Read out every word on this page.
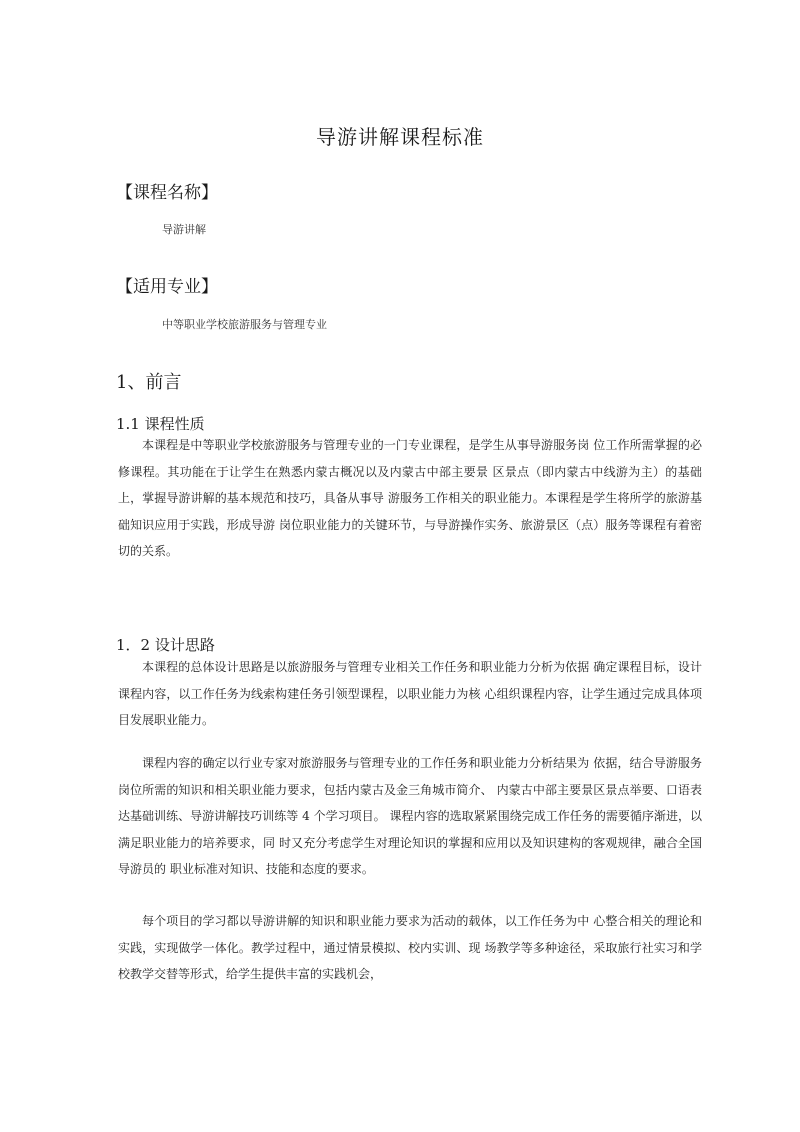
导游讲解课程标准
【课程名称】
导游讲解
【适用专业】
中等职业学校旅游服务与管理专业
1、前言
1.1 课程性质

本课程是中等职业学校旅游服务与管理专业的一门专业课程，是学生从事导游服务岗 位工作所需掌握的必修课程。其功能在于让学生在熟悉内蒙古概况以及内蒙古中部主要景 区景点（即内蒙古中线游为主）的基础上，掌握导游讲解的基本规范和技巧，具备从事导 游服务工作相关的职业能力。本课程是学生将所学的旅游基础知识应用于实践，形成导游 岗位职业能力的关键环节，与导游操作实务、旅游景区（点）服务等课程有着密切的关系。

1．2 设计思路

本课程的总体设计思路是以旅游服务与管理专业相关工作任务和职业能力分析为依据 确定课程目标，设计课程内容，以工作任务为线索构建任务引领型课程，以职业能力为核 心组织课程内容，让学生通过完成具体项目发展职业能力。

课程内容的确定以行业专家对旅游服务与管理专业的工作任务和职业能力分析结果为 依据，结合导游服务岗位所需的知识和相关职业能力要求，包括内蒙古及金三角城市简介、 内蒙古中部主要景区景点举要、口语表达基础训练、导游讲解技巧训练等 4 个学习项目。 课程内容的选取紧紧围绕完成工作任务的需要循序渐进，以满足职业能力的培养要求，同 时又充分考虑学生对理论知识的掌握和应用以及知识建构的客观规律，融合全国导游员的 职业标准对知识、技能和态度的要求。

每个项目的学习都以导游讲解的知识和职业能力要求为活动的载体，以工作任务为中 心整合相关的理论和实践，实现做学一体化。教学过程中，通过情景模拟、校内实训、现 场教学等多种途径，采取旅行社实习和学校教学交替等形式，给学生提供丰富的实践机会，
